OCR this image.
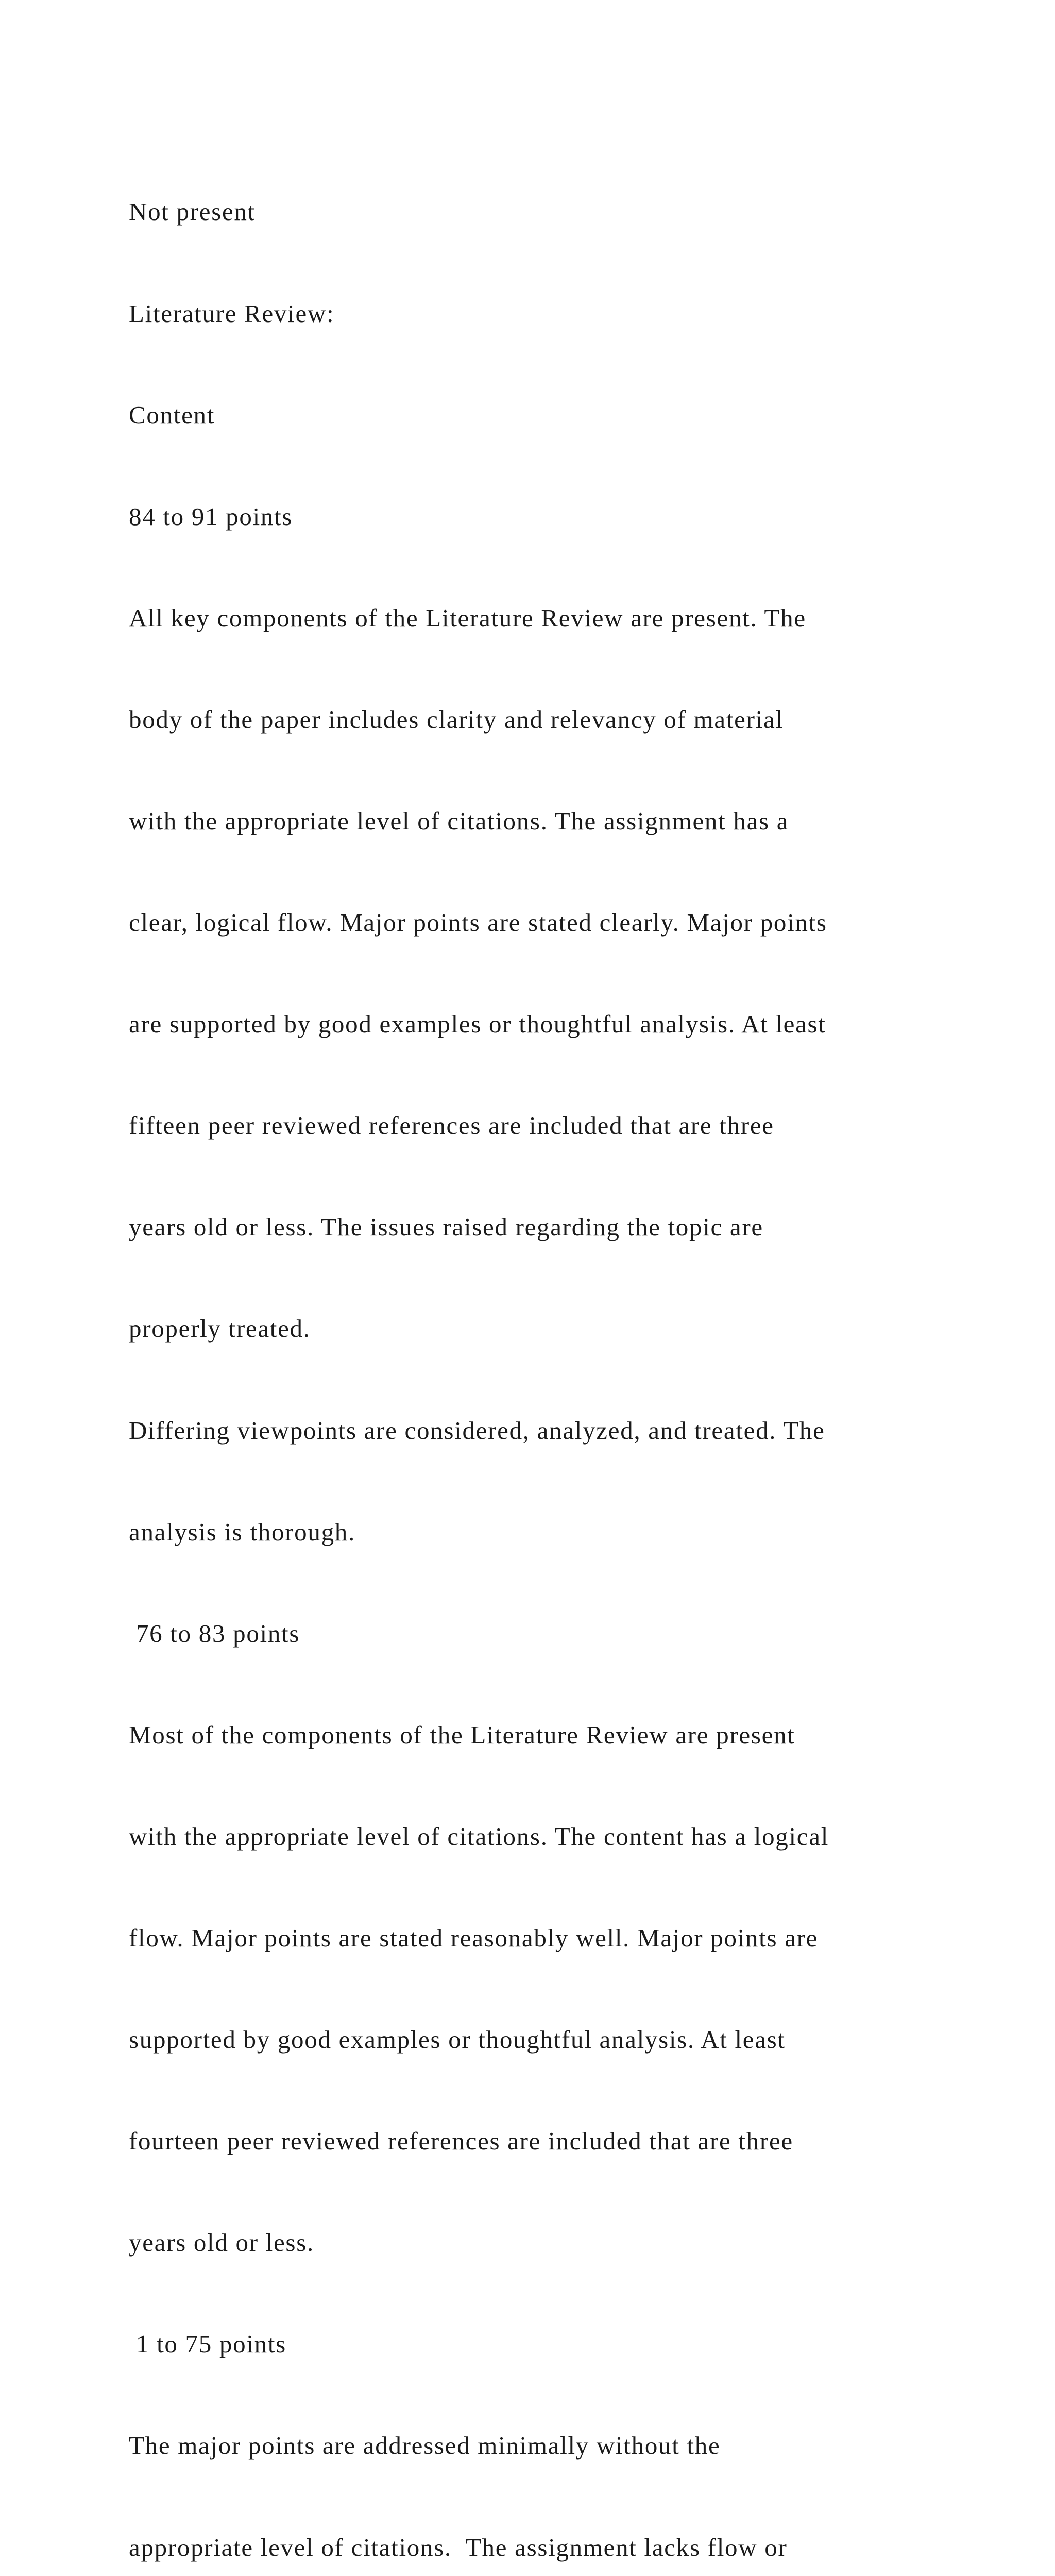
Not present

Literature Review:

Content

84 to 91 points

All key components of the Literature Review are present. The

body of the paper includes clarity and relevancy of material

with the appropriate level of citations. The assignment has a

clear, logical flow. Major points are stated clearly. Major points

are supported by good examples or thoughtful analysis. At least

fifteen peer reviewed references are included that are three

years old or less. The issues raised regarding the topic are

properly treated.

Differing viewpoints are considered, analyzed, and treated. The

analysis is thorough.

76 to 83 points

Most of the components of the Literature Review are present

with the appropriate level of citations. The content has a logical

flow. Major points are stated reasonably well. Major points are

supported by good examples or thoughtful analysis. At least

fourteen peer reviewed references are included that are three

years old or less.

1 to 75 points

The major points are addressed minimally without the

appropriate level of citations.  The assignment lacks flow or
